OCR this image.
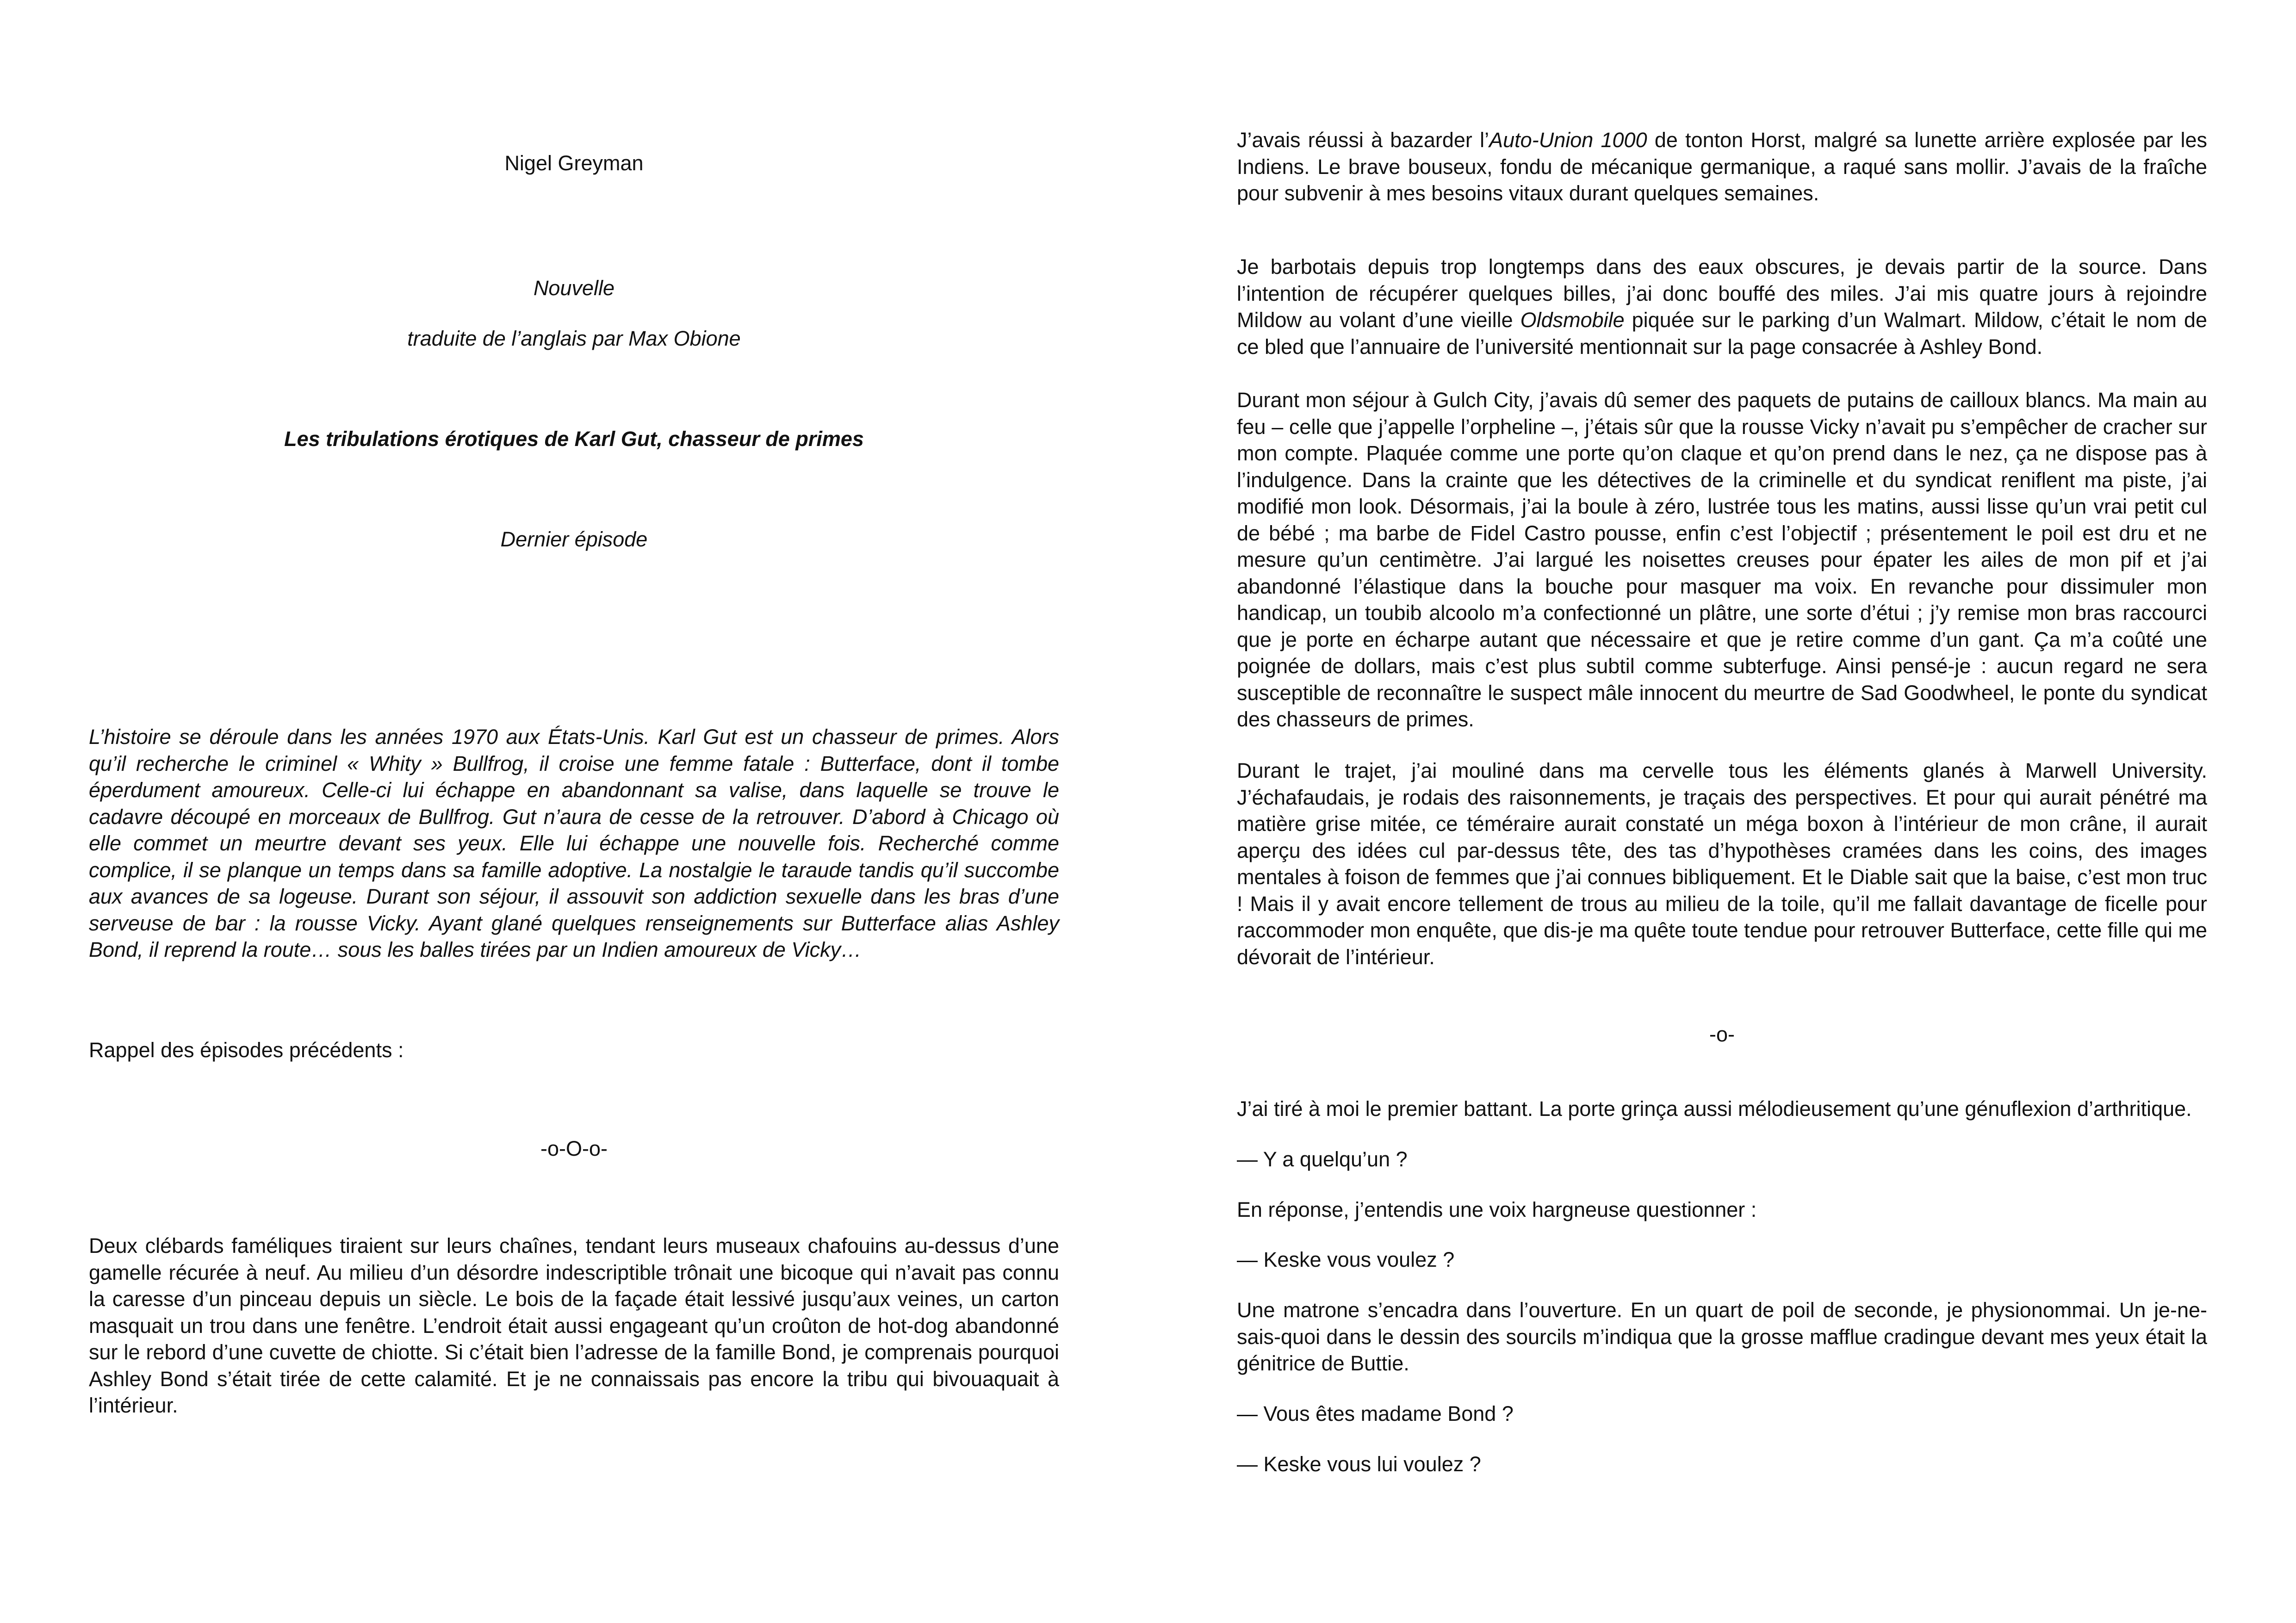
Nigel Greyman

Nouvelle

traduite de l’anglais par Max Obione

Les tribulations érotiques de Karl Gut, chasseur de primes

Dernier épisode

L’histoire se déroule dans les années 1970 aux États-Unis. Karl Gut est un chasseur de primes. Alors qu’il recherche le criminel « Whity » Bullfrog, il croise une femme fatale : Butterface, dont il tombe éperdument amoureux. Celle-ci lui échappe en abandonnant sa valise, dans laquelle se trouve le cadavre découpé en morceaux de Bullfrog. Gut n’aura de cesse de la retrouver. D’abord à Chicago où elle commet un meurtre devant ses yeux. Elle lui échappe une nouvelle fois. Recherché comme complice, il se planque un temps dans sa famille adoptive. La nostalgie le taraude tandis qu’il succombe aux avances de sa logeuse. Durant son séjour, il assouvit son addiction sexuelle dans les bras d’une serveuse de bar : la rousse Vicky. Ayant glané quelques renseignements sur Butterface alias Ashley Bond, il reprend la route… sous les balles tirées par un Indien amoureux de Vicky…

Rappel des épisodes précédents :

-o-O-o-

Deux clébards faméliques tiraient sur leurs chaînes, tendant leurs museaux chafouins au-dessus d’une gamelle récurée à neuf. Au milieu d’un désordre indescriptible trônait une bicoque qui n’avait pas connu la caresse d’un pinceau depuis un siècle. Le bois de la façade était lessivé jusqu’aux veines, un carton masquait un trou dans une fenêtre. L’endroit était aussi engageant qu’un croûton de hot-dog abandonné sur le rebord d’une cuvette de chiotte. Si c’était bien l’adresse de la famille Bond, je comprenais pourquoi Ashley Bond s’était tirée de cette calamité. Et je ne connaissais pas encore la tribu qui bivouaquait à l’intérieur.

J’avais réussi à bazarder l’Auto-Union 1000 de tonton Horst, malgré sa lunette arrière explosée par les Indiens. Le brave bouseux, fondu de mécanique germanique, a raqué sans mollir. J’avais de la fraîche pour subvenir à mes besoins vitaux durant quelques semaines.

Je barbotais depuis trop longtemps dans des eaux obscures, je devais partir de la source. Dans l’intention de récupérer quelques billes, j’ai donc bouffé des miles. J’ai mis quatre jours à rejoindre Mildow au volant d’une vieille Oldsmobile piquée sur le parking d’un Walmart. Mildow, c’était le nom de ce bled que l’annuaire de l’université mentionnait sur la page consacrée à Ashley Bond.

Durant mon séjour à Gulch City, j’avais dû semer des paquets de putains de cailloux blancs. Ma main au feu – celle que j’appelle l’orpheline –, j’étais sûr que la rousse Vicky n’avait pu s’empêcher de cracher sur mon compte. Plaquée comme une porte qu’on claque et qu’on prend dans le nez, ça ne dispose pas à l’indulgence. Dans la crainte que les détectives de la criminelle et du syndicat reniflent ma piste, j’ai modifié mon look. Désormais, j’ai la boule à zéro, lustrée tous les matins, aussi lisse qu’un vrai petit cul de bébé ; ma barbe de Fidel Castro pousse, enfin c’est l’objectif ; présentement le poil est dru et ne mesure qu’un centimètre. J’ai largué les noisettes creuses pour épater les ailes de mon pif et j’ai abandonné l’élastique dans la bouche pour masquer ma voix. En revanche pour dissimuler mon handicap, un toubib alcoolo m’a confectionné un plâtre, une sorte d’étui ; j’y remise mon bras raccourci que je porte en écharpe autant que nécessaire et que je retire comme d’un gant. Ça m’a coûté une poignée de dollars, mais c’est plus subtil comme subterfuge. Ainsi pensé-je : aucun regard ne sera susceptible de reconnaître le suspect mâle innocent du meurtre de Sad Goodwheel, le ponte du syndicat des chasseurs de primes.

Durant le trajet, j’ai mouliné dans ma cervelle tous les éléments glanés à Marwell University. J’échafaudais, je rodais des raisonnements, je traçais des perspectives. Et pour qui aurait pénétré ma matière grise mitée, ce téméraire aurait constaté un méga boxon à l’intérieur de mon crâne, il aurait aperçu des idées cul par-dessus tête, des tas d’hypothèses cramées dans les coins, des images mentales à foison de femmes que j’ai connues bibliquement. Et le Diable sait que la baise, c’est mon truc ! Mais il y avait encore tellement de trous au milieu de la toile, qu’il me fallait davantage de ficelle pour raccommoder mon enquête, que dis-je ma quête toute tendue pour retrouver Butterface, cette fille qui me dévorait de l’intérieur.

-o-

J’ai tiré à moi le premier battant. La porte grinça aussi mélodieusement qu’une génuflexion d’arthritique.

— Y a quelqu’un ?

En réponse, j’entendis une voix hargneuse questionner :

— Keske vous voulez ?

Une matrone s’encadra dans l’ouverture. En un quart de poil de seconde, je physionommai. Un je-ne-sais-quoi dans le dessin des sourcils m’indiqua que la grosse mafflue cradingue devant mes yeux était la génitrice de Buttie.

— Vous êtes madame Bond ?

— Keske vous lui voulez ?
